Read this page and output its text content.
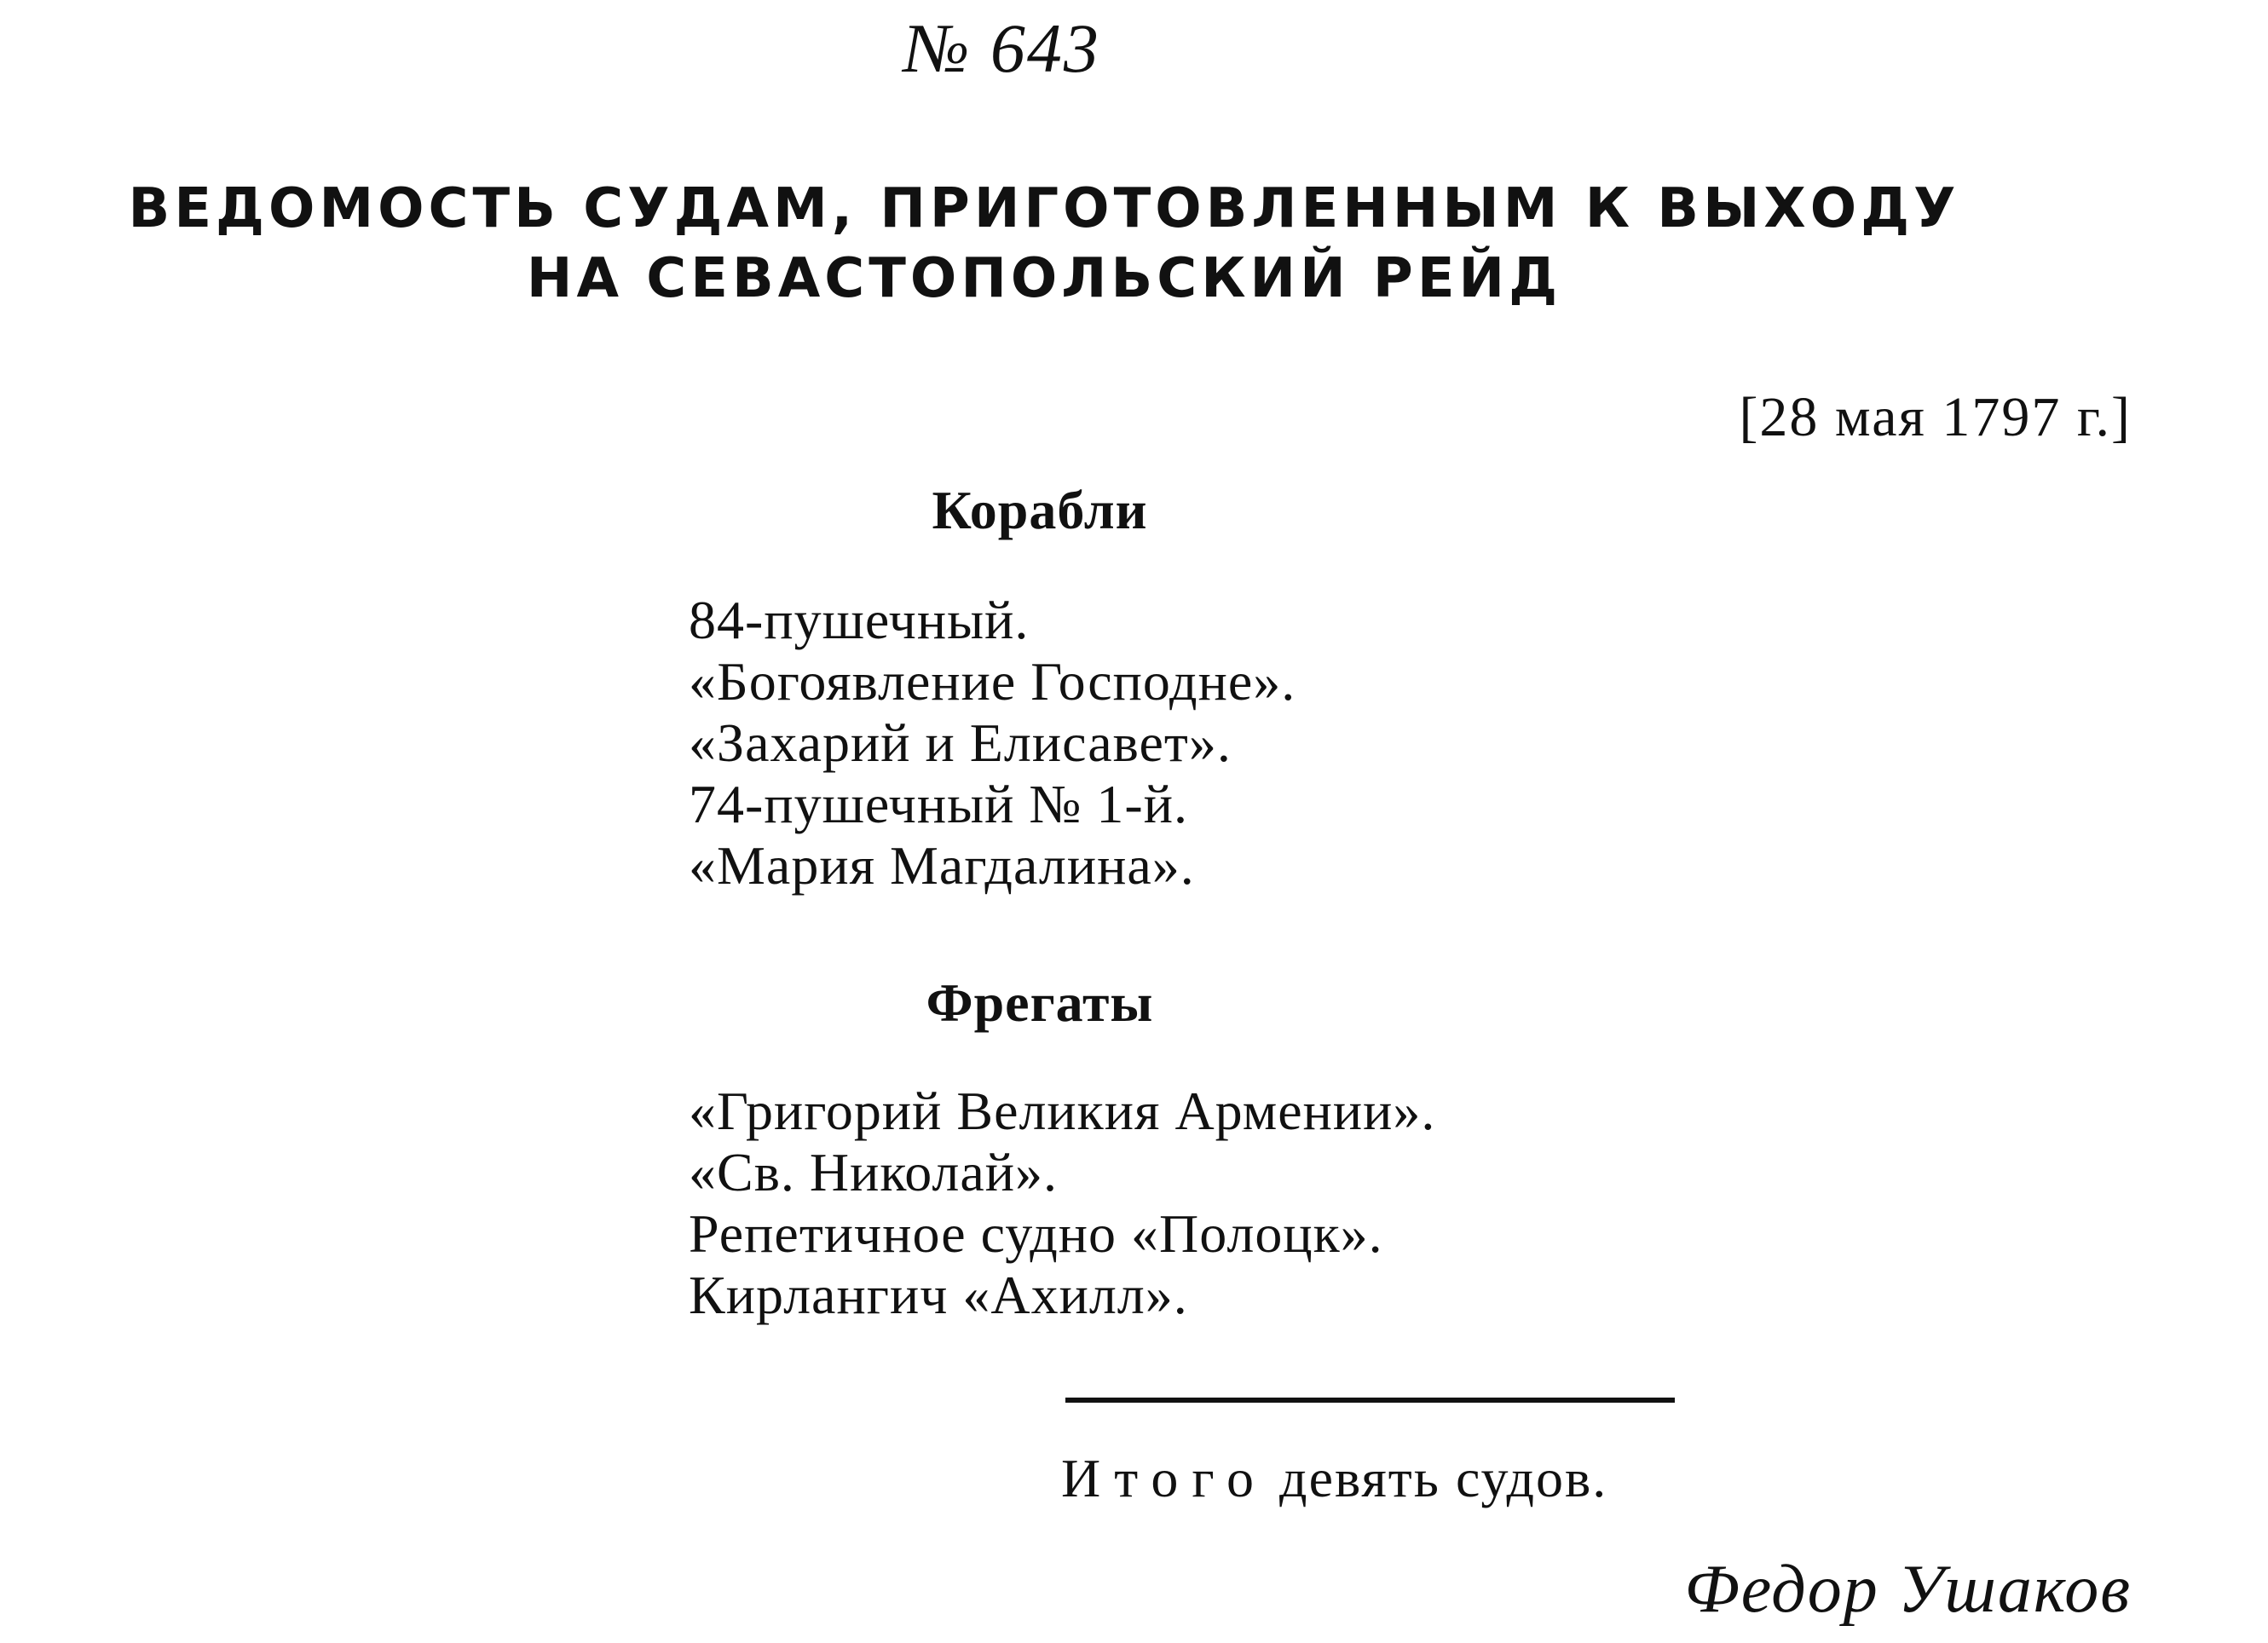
№ 643
ВЕДОМОСТЬ СУДАМ, ПРИГОТОВЛЕННЫМ К ВЫХОДУ
НА СЕВАСТОПОЛЬСКИЙ РЕЙД
[28 мая 1797 г.]
Корабли
84-пушечный.
«Богоявление Господне».
«Захарий и Елисавет».
74-пушечный № 1-й.
«Мария Магдалина».
Фрегаты
«Григорий Великия Армении».
«Св. Николай».
Репетичное судно «Полоцк».
Кирлангич «Ахилл».
Итого девять судов.
Федор Ушаков
